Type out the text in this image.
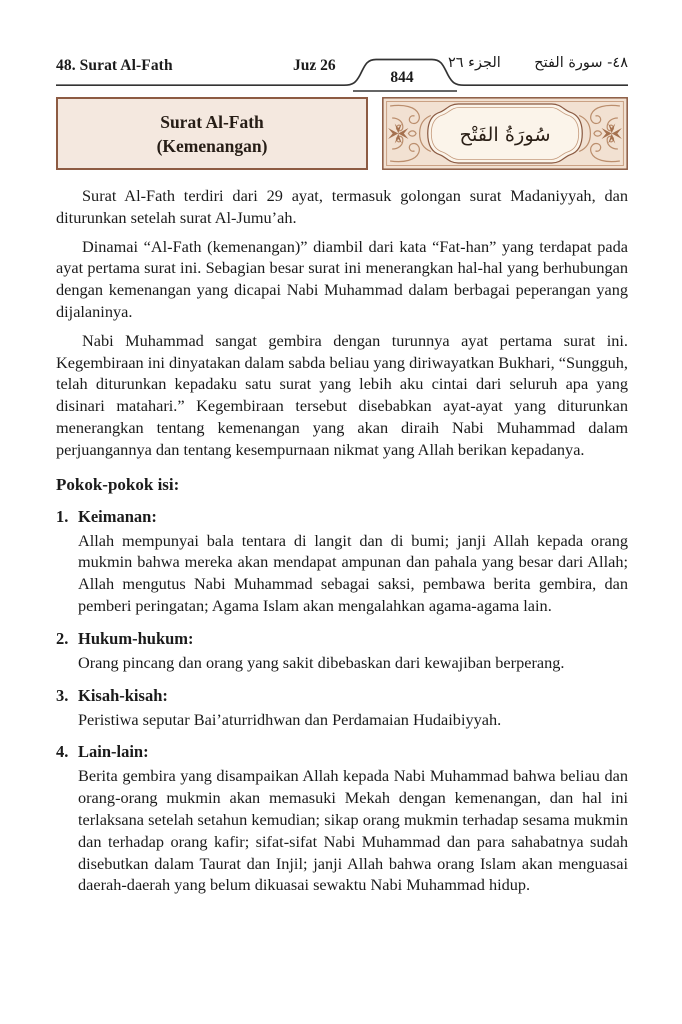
48. Surat Al-Fath	Juz 26	الجزء ٢٦ ٤٨- سورة الفتح
844
Surat Al-Fath
(Kemenangan)	سُورَةُ الفَتْح

Surat Al-Fath terdiri dari 29 ayat, termasuk golongan surat Madaniyyah, dan diturunkan setelah surat Al-Jumu’ah.

Dinamai “Al-Fath (kemenangan)” diambil dari kata “Fat-han” yang terdapat pada ayat pertama surat ini. Sebagian besar surat ini menerangkan hal-hal yang berhubungan dengan kemenangan yang dicapai Nabi Muhammad dalam berbagai peperangan yang dijalaninya.

Nabi Muhammad sangat gembira dengan turunnya ayat pertama surat ini. Kegembiraan ini dinyatakan dalam sabda beliau yang diriwayatkan Bukhari, “Sungguh, telah diturunkan kepadaku satu surat yang lebih aku cintai dari seluruh apa yang disinari matahari.” Kegembiraan tersebut disebabkan ayat-ayat yang diturunkan menerangkan tentang kemenangan yang akan diraih Nabi Muhammad dalam perjuangannya dan tentang kesempurnaan nikmat yang Allah berikan kepadanya.

Pokok-pokok isi:
1. Keimanan:

Allah mempunyai bala tentara di langit dan di bumi; janji Allah kepada orang mukmin bahwa mereka akan mendapat ampunan dan pahala yang besar dari Allah; Allah mengutus Nabi Muhammad sebagai saksi, pembawa berita gembira, dan pemberi peringatan; Agama Islam akan mengalahkan agama-agama lain.

2. Hukum-hukum:

Orang pincang dan orang yang sakit dibebaskan dari kewajiban berperang.

3. Kisah-kisah:

Peristiwa seputar Bai’aturridhwan dan Perdamaian Hudaibiyyah.

4. Lain-lain:

Berita gembira yang disampaikan Allah kepada Nabi Muhammad bahwa beliau dan orang-orang mukmin akan memasuki Mekah dengan kemenangan, dan hal ini terlaksana setelah setahun kemudian; sikap orang mukmin terhadap sesama mukmin dan terhadap orang kafir; sifat-sifat Nabi Muhammad dan para sahabatnya sudah disebutkan dalam Taurat dan Injil; janji Allah bahwa orang Islam akan menguasai daerah-daerah yang belum dikuasai sewaktu Nabi Muhammad hidup.
